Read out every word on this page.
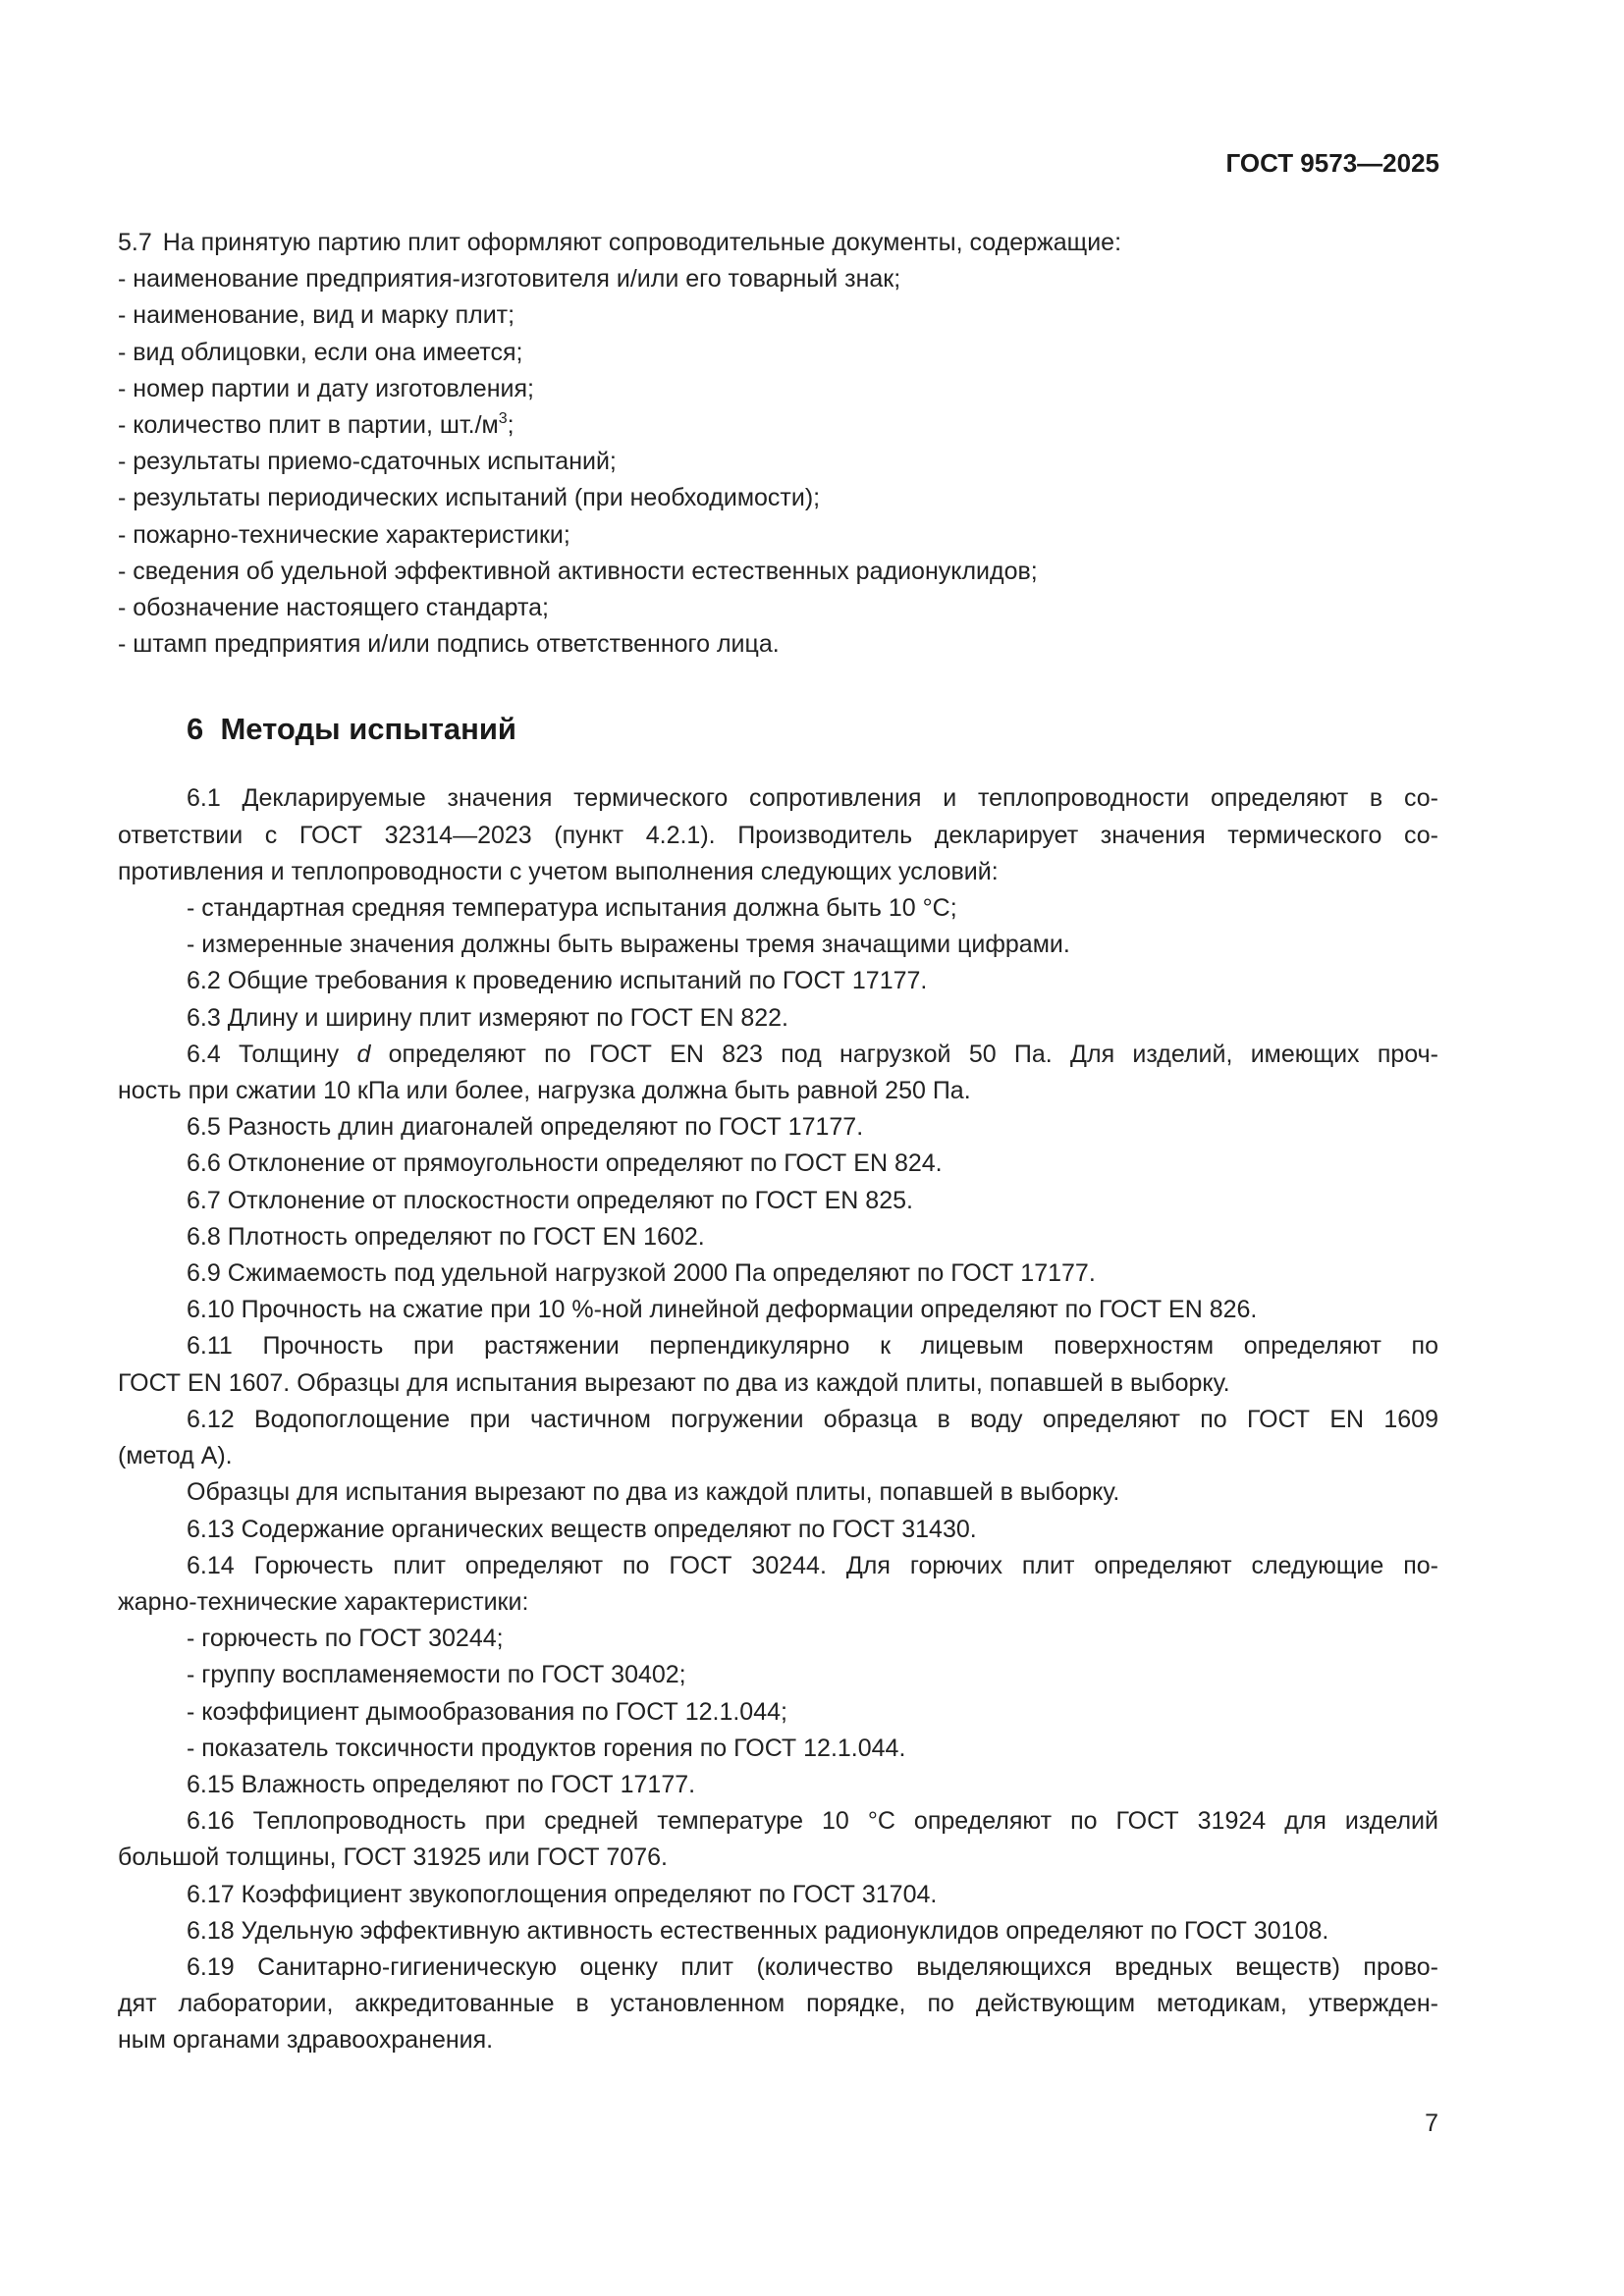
ГОСТ 9573—2025
5.7 На принятую партию плит оформляют сопроводительные документы, содержащие:
- наименование предприятия-изготовителя и/или его товарный знак;
- наименование, вид и марку плит;
- вид облицовки, если она имеется;
- номер партии и дату изготовления;
- количество плит в партии, $шт./м^3$;
- результаты приемо-сдаточных испытаний;
- результаты периодических испытаний (при необходимости);
- пожарно-технические характеристики;
- сведения об удельной эффективной активности естественных радионуклидов;
- обозначение настоящего стандарта;
- штамп предприятия и/или подпись ответственного лица.
6 Методы испытаний
6.1 Декларируемые значения термического сопротивления и теплопроводности определяют в со-
ответствии с ГОСТ 32314—2023 (пункт 4.2.1). Производитель декларирует значения термического со-
противления и теплопроводности с учетом выполнения следующих условий:
- стандартная средняя температура испытания должна быть 10 °С;
- измеренные значения должны быть выражены тремя значащими цифрами.
6.2 Общие требования к проведению испытаний по ГОСТ 17177.
6.3 Длину и ширину плит измеряют по ГОСТ EN 822.
6.4 Толщину d определяют по ГОСТ EN 823 под нагрузкой 50 Па. Для изделий, имеющих проч-
ность при сжатии 10 кПа или более, нагрузка должна быть равной 250 Па.
6.5 Разность длин диагоналей определяют по ГОСТ 17177.
6.6 Отклонение от прямоугольности определяют по ГОСТ EN 824.
6.7 Отклонение от плоскостности определяют по ГОСТ EN 825.
6.8 Плотность определяют по ГОСТ EN 1602.
6.9 Сжимаемость под удельной нагрузкой 2000 Па определяют по ГОСТ 17177.
6.10 Прочность на сжатие при 10 %-ной линейной деформации определяют по ГОСТ EN 826.
6.11 Прочность при растяжении перпендикулярно к лицевым поверхностям определяют по
ГОСТ EN 1607. Образцы для испытания вырезают по два из каждой плиты, попавшей в выборку.
6.12 Водопоглощение при частичном погружении образца в воду определяют по ГОСТ EN 1609
(метод А).
Образцы для испытания вырезают по два из каждой плиты, попавшей в выборку.
6.13 Содержание органических веществ определяют по ГОСТ 31430.
6.14 Горючесть плит определяют по ГОСТ 30244. Для горючих плит определяют следующие по-
жарно-технические характеристики:
- горючесть по ГОСТ 30244;
- группу воспламеняемости по ГОСТ 30402;
- коэффициент дымообразования по ГОСТ 12.1.044;
- показатель токсичности продуктов горения по ГОСТ 12.1.044.
6.15 Влажность определяют по ГОСТ 17177.
6.16 Теплопроводность при средней температуре 10 °С определяют по ГОСТ 31924 для изделий
большой толщины, ГОСТ 31925 или ГОСТ 7076.
6.17 Коэффициент звукопоглощения определяют по ГОСТ 31704.
6.18 Удельную эффективную активность естественных радионуклидов определяют по ГОСТ 30108.
6.19 Санитарно-гигиеническую оценку плит (количество выделяющихся вредных веществ) прово-
дят лаборатории, аккредитованные в установленном порядке, по действующим методикам, утвержден-
ным органами здравоохранения.
7
